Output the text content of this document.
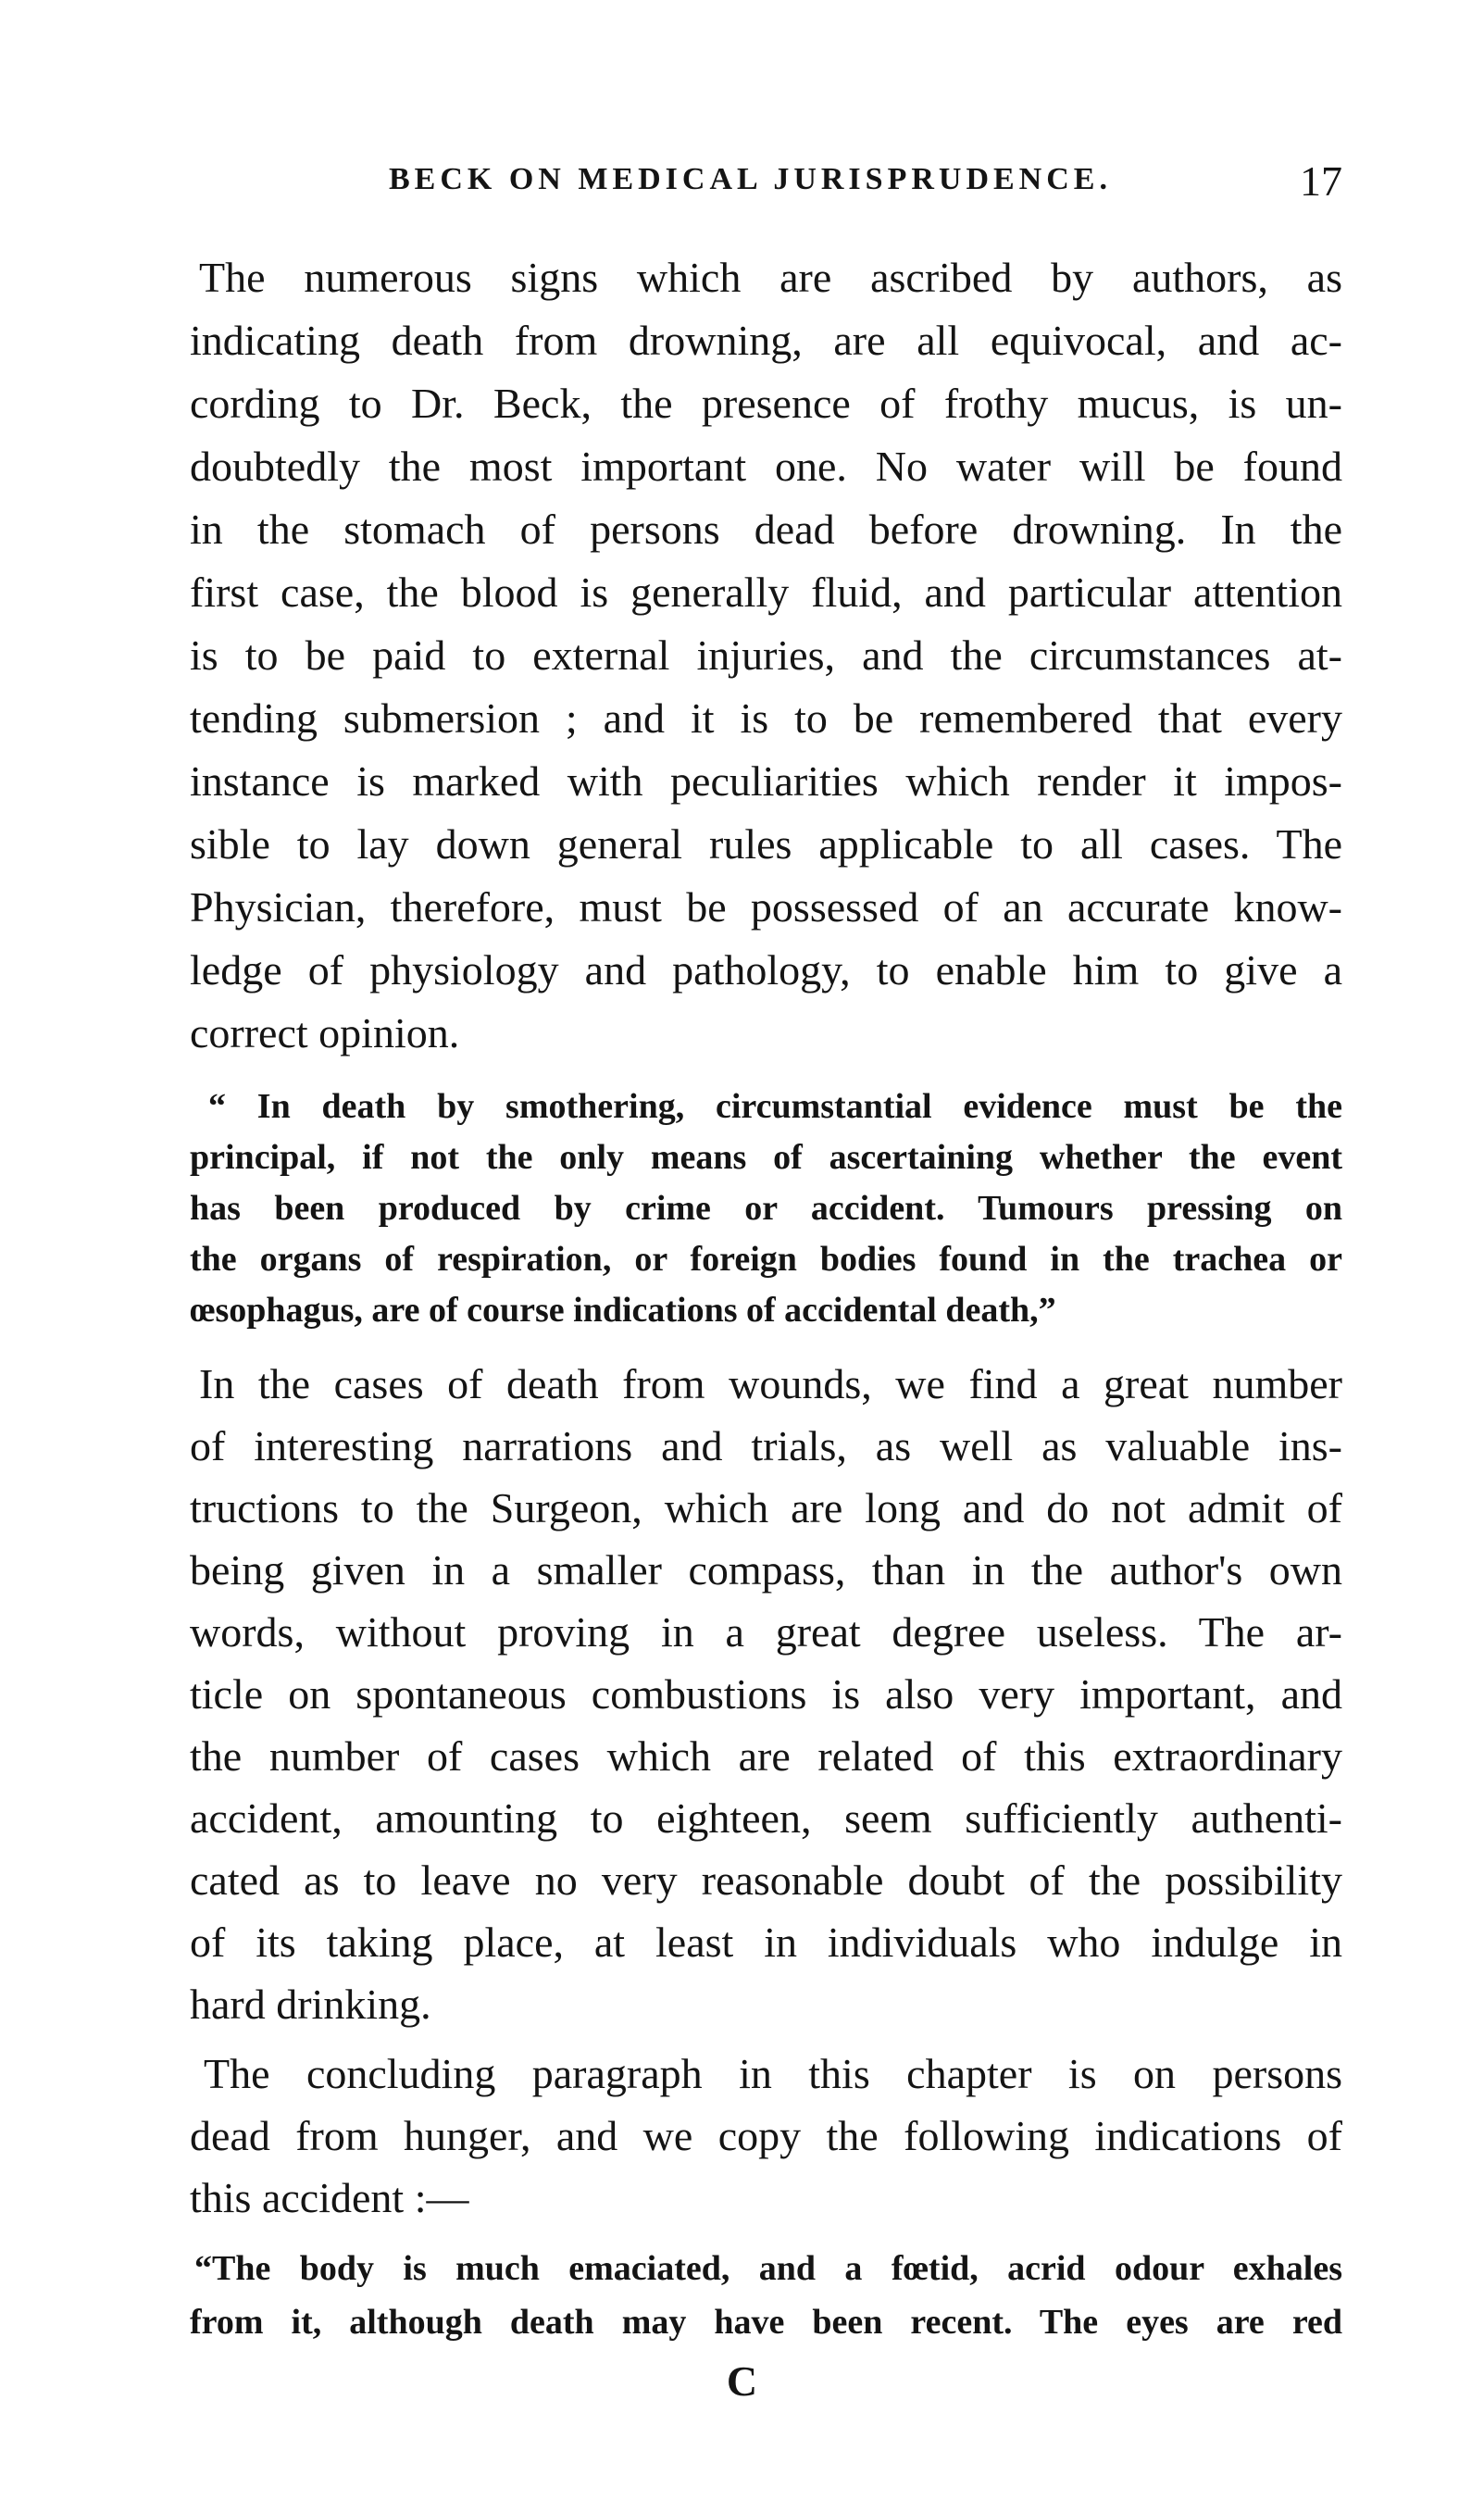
BECK ON MEDICAL JURISPRUDENCE.	17
The numerous signs which are ascribed by authors, as
indicating death from drowning, are all equivocal, and ac-
cording to Dr. Beck, the presence of frothy mucus, is un-
doubtedly the most important one. No water will be found
in the stomach of persons dead before drowning. In the
first case, the blood is generally fluid, and particular attention
is to be paid to external injuries, and the circumstances at-
tending submersion ; and it is to be remembered that every
instance is marked with peculiarities which render it impos-
sible to lay down general rules applicable to all cases. The
Physician, therefore, must be possessed of an accurate know-
ledge of physiology and pathology, to enable him to give a
correct opinion.
“ In death by smothering, circumstantial evidence must be the
principal, if not the only means of ascertaining whether the event
has been produced by crime or accident. Tumours pressing on
the organs of respiration, or foreign bodies found in the trachea or
œsophagus, are of course indications of accidental death,”
In the cases of death from wounds, we find a great number
of interesting narrations and trials, as well as valuable ins-
tructions to the Surgeon, which are long and do not admit of
being given in a smaller compass, than in the author's own
words, without proving in a great degree useless. The ar-
ticle on spontaneous combustions is also very important, and
the number of cases which are related of this extraordinary
accident, amounting to eighteen, seem sufficiently authenti-
cated as to leave no very reasonable doubt of the possibility
of its taking place, at least in individuals who indulge in
hard drinking.
The concluding paragraph in this chapter is on persons
dead from hunger, and we copy the following indications of
this accident :—
“The body is much emaciated, and a fœtid, acrid odour exhales
from it, although death may have been recent. The eyes are red
C
